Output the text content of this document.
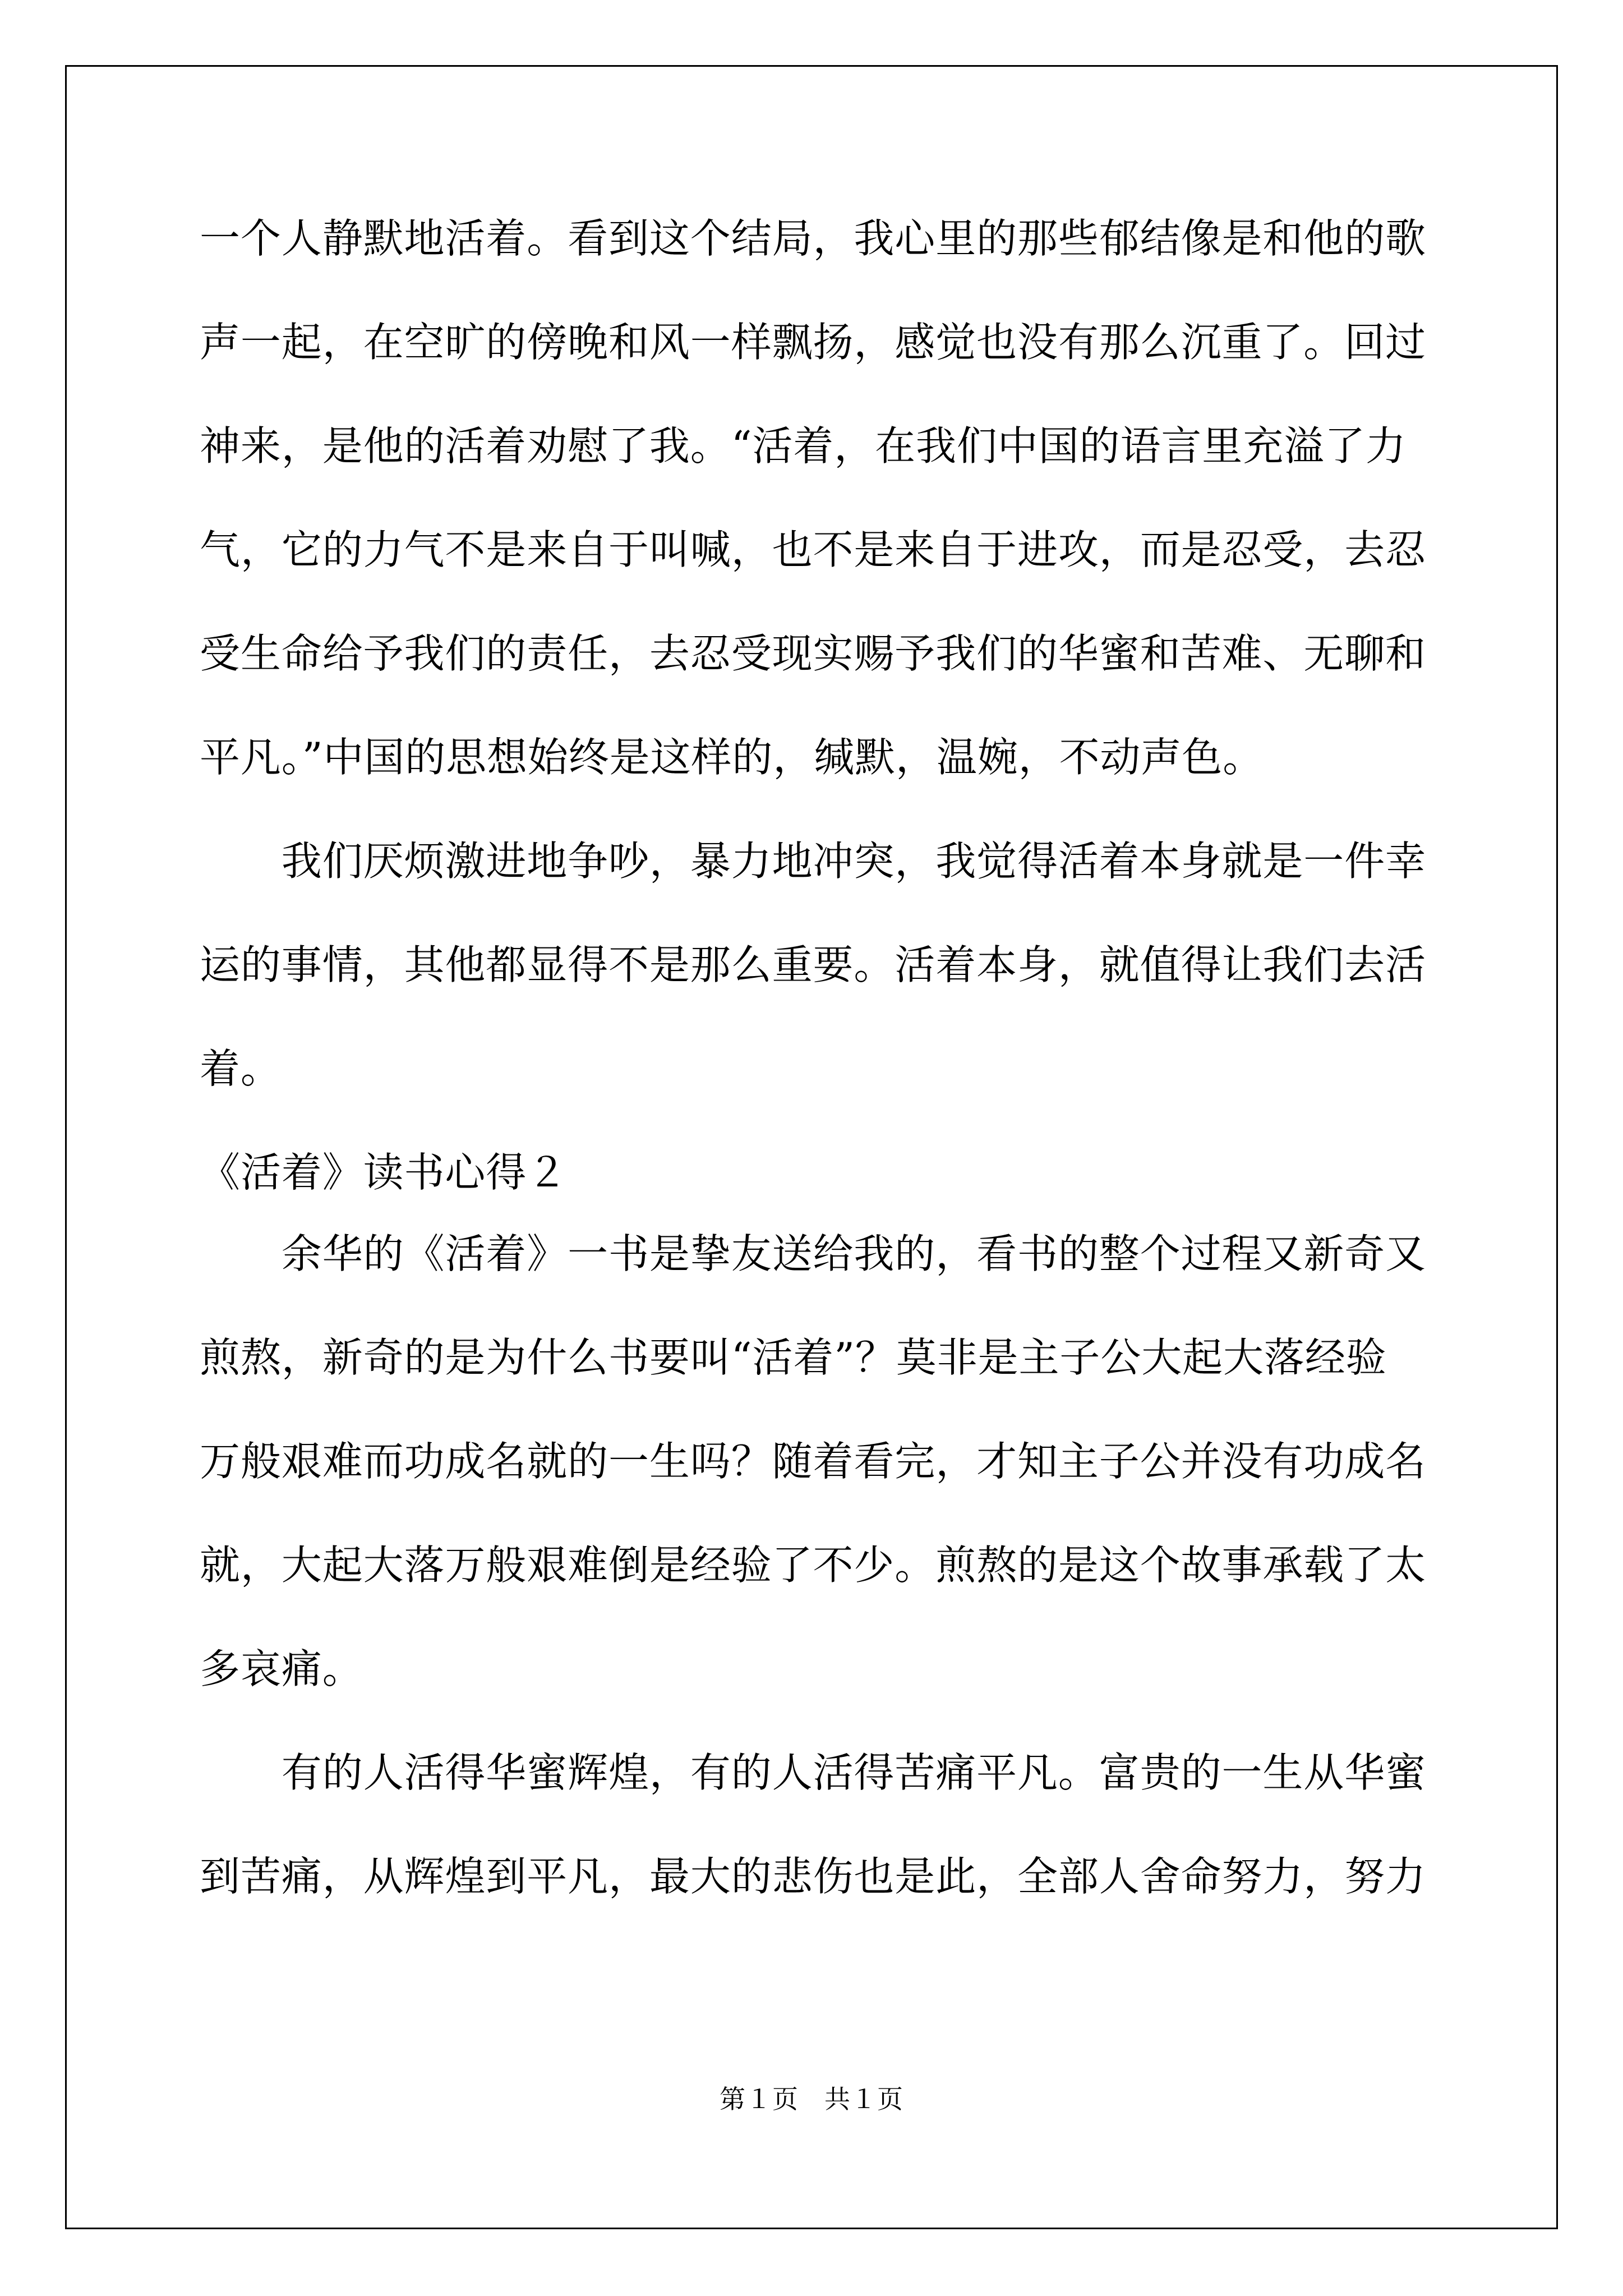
一个人静默地活着。看到这个结局，我心里的那些郁结像是和他的歌
声一起，在空旷的傍晚和风一样飘扬，感觉也没有那么沉重了。回过
神来，是他的活着劝慰了我。“活着，在我们中国的语言里充溢了力
气，它的力气不是来自于叫喊，也不是来自于进攻，而是忍受，去忍
受生命给予我们的责任，去忍受现实赐予我们的华蜜和苦难、无聊和
平凡。”中国的思想始终是这样的，缄默，温婉，不动声色。
　　我们厌烦激进地争吵，暴力地冲突，我觉得活着本身就是一件幸
运的事情，其他都显得不是那么重要。活着本身，就值得让我们去活
着。
《活着》读书心得２
　　余华的《活着》一书是挚友送给我的，看书的整个过程又新奇又
煎熬，新奇的是为什么书要叫“活着”？莫非是主子公大起大落经验
万般艰难而功成名就的一生吗？随着看完，才知主子公并没有功成名
就，大起大落万般艰难倒是经验了不少。煎熬的是这个故事承载了太
多哀痛。
　　有的人活得华蜜辉煌，有的人活得苦痛平凡。富贵的一生从华蜜
到苦痛，从辉煌到平凡，最大的悲伤也是此，全部人舍命努力，努力
第１页 共１页
